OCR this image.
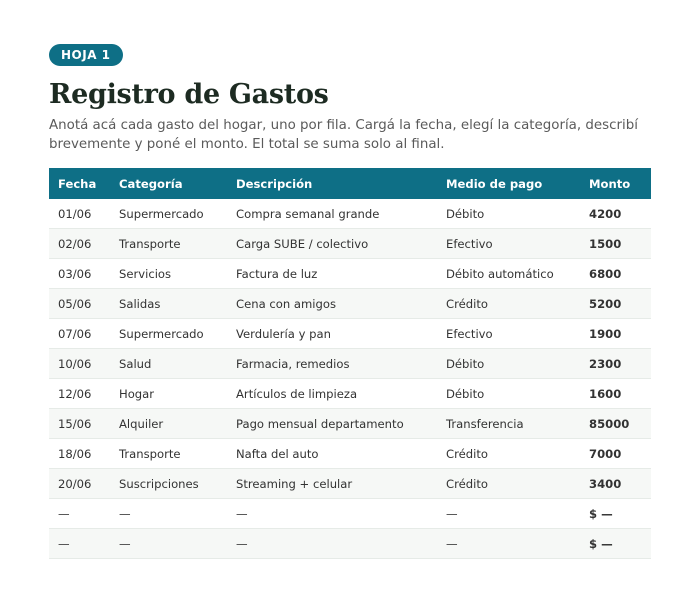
HOJA 1
Registro de Gastos

Anotá acá cada gasto del hogar, uno por fila. Cargá la fecha, elegí la categoría, describí brevemente y poné el monto. El total se suma solo al final.

Fecha	Categoría	Descripción	Medio de pago	Monto
01/06	Supermercado	Compra semanal grande	Débito	4200
02/06	Transporte	Carga SUBE / colectivo	Efectivo	1500
03/06	Servicios	Factura de luz	Débito automático	6800
05/06	Salidas	Cena con amigos	Crédito	5200
07/06	Supermercado	Verdulería y pan	Efectivo	1900
10/06	Salud	Farmacia, remedios	Débito	2300
12/06	Hogar	Artículos de limpieza	Débito	1600
15/06	Alquiler	Pago mensual departamento	Transferencia	85000
18/06	Transporte	Nafta del auto	Crédito	7000
20/06	Suscripciones	Streaming + celular	Crédito	3400
—	—	—	—	$ —
—	—	—	—	$ —
